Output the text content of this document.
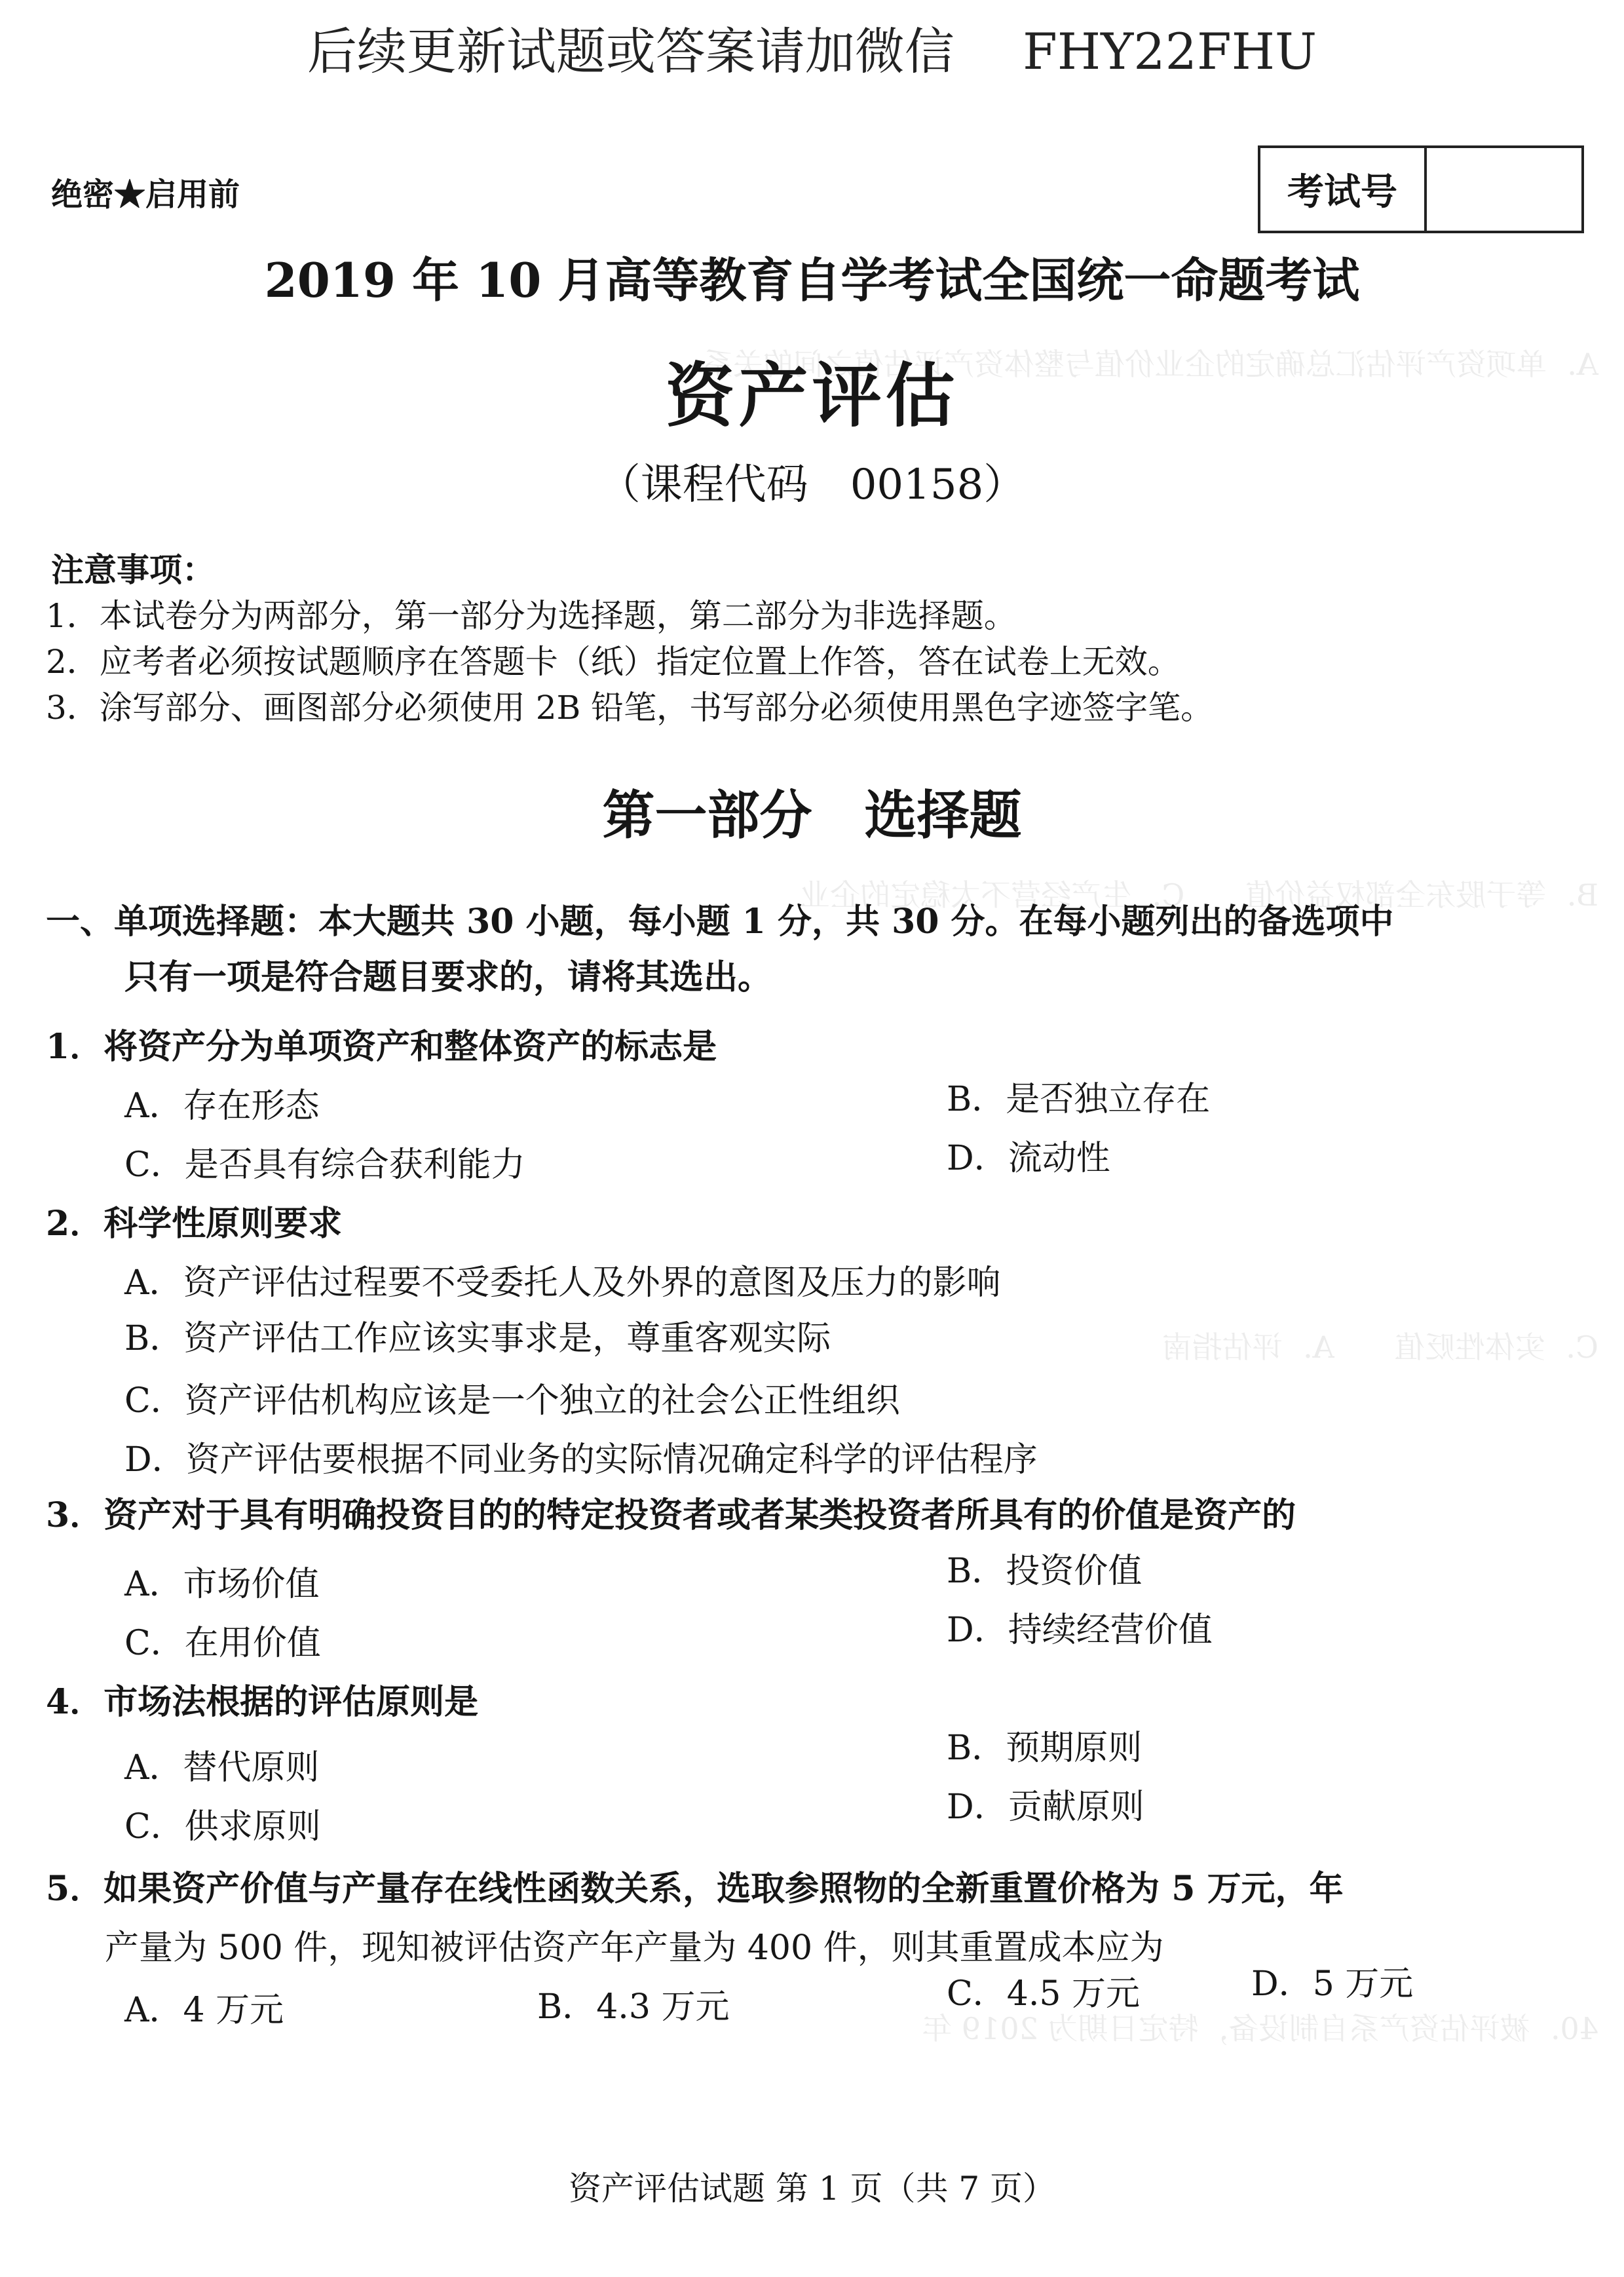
A．单项资产评估汇总确定的企业价值与整体资产评估值之间的关系
B．等于股东全部权益价值　　C．生产经营不太稳定的企业
C．实体性贬值　　A．评估指南
40．被评估资产系自制设备，特定日期为 2019 年
后续更新试题或答案请加微信 FHY22FHU
绝密★启用前	考试号
2019 年 10 月高等教育自学考试全国统一命题考试
资产评估
（课程代码　00158）
注意事项：
1．本试卷分为两部分，第一部分为选择题，第二部分为非选择题。
2．应考者必须按试题顺序在答题卡（纸）指定位置上作答，答在试卷上无效。
3．涂写部分、画图部分必须使用 2B 铅笔，书写部分必须使用黑色字迹签字笔。
第一部分　选择题
一、单项选择题：本大题共 30 小题，每小题 1 分，共 30 分。在每小题列出的备选项中
只有一项是符合题目要求的，请将其选出。
1．将资产分为单项资产和整体资产的标志是
A．存在形态	B．是否独立存在
C．是否具有综合获利能力	D．流动性
2．科学性原则要求
A．资产评估过程要不受委托人及外界的意图及压力的影响
B．资产评估工作应该实事求是，尊重客观实际
C．资产评估机构应该是一个独立的社会公正性组织
D．资产评估要根据不同业务的实际情况确定科学的评估程序
3．资产对于具有明确投资目的的特定投资者或者某类投资者所具有的价值是资产的
A．市场价值	B．投资价值
C．在用价值	D．持续经营价值
4．市场法根据的评估原则是
A．替代原则	B．预期原则
C．供求原则	D．贡献原则
5．如果资产价值与产量存在线性函数关系，选取参照物的全新重置价格为 5 万元，年
产量为 500 件，现知被评估资产年产量为 400 件，则其重置成本应为
A．4 万元	B．4.3 万元	C．4.5 万元	D．5 万元
资产评估试题 第 1 页（共 7 页）
